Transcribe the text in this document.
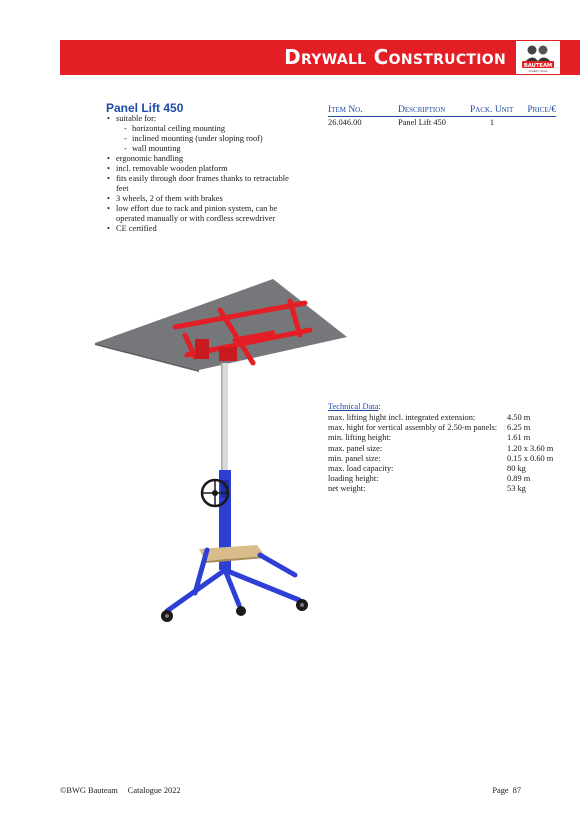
Drywall Construction	BAUTEAM
Quality Tools
Panel Lift 450
• suitable for:
- horizontal ceiling mounting
- inclined mounting (under sloping roof)
- wall mounting
• ergonomic handling
• incl. removable wooden platform
• fits easily through door frames thanks to retractable feet
• 3 wheels, 2 of them with brakes
• low effort due to rack and pinion system, can be operated manually or with cordless screwdriver
• CE certified
Item No.	Description	Pack. Unit	Price/€
26.046.00	Panel Lift 450	1	
Technical Data:
max. lifting hight incl. integrated extension:	4.50 m
max. hight for vertical assembly of 2.50-m panels:	6.25 m
min. lifting height:	1.61 m
max. panel size:	1.20 x 3.60 m
min. panel size:	0.15 x 0.60 m
max. load capacity:	80 kg
loading height:	0.89 m
net weight:	53 kg
©BWG Bauteam Catalogue 2022	Page 87
